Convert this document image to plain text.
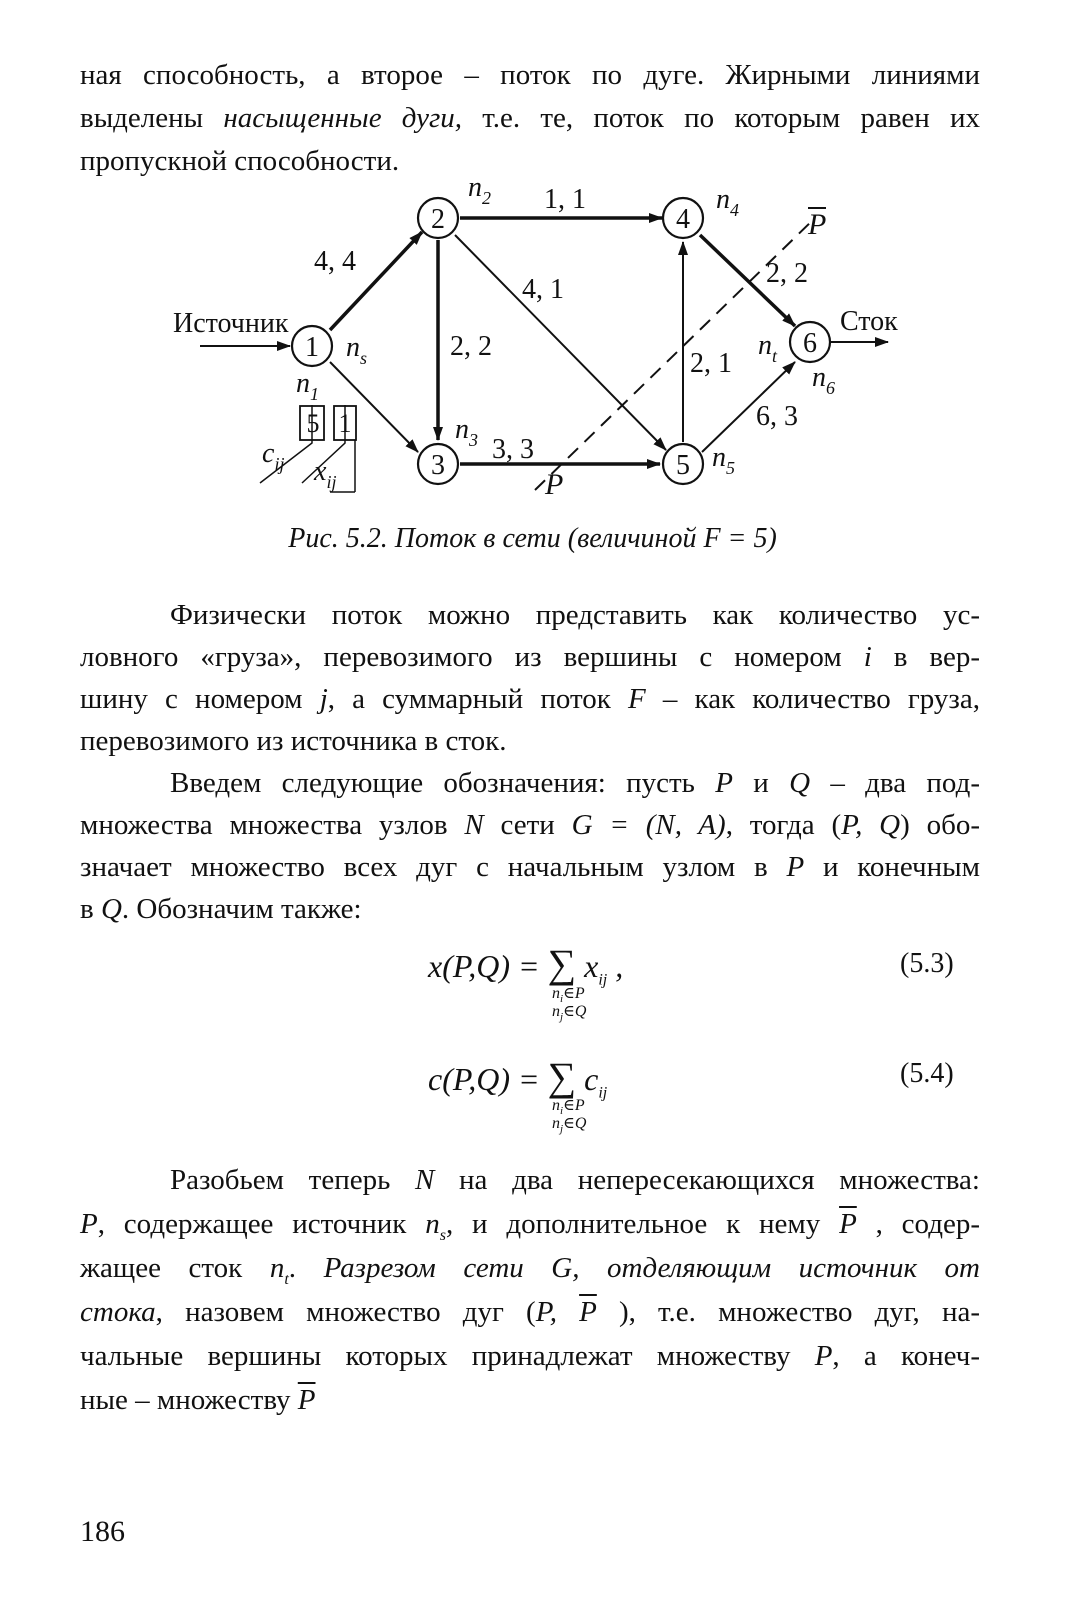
ная способность, а второе – поток по дуге. Жирными линиями
выделены насыщенные дуги, т.е. те, поток по которым равен их
пропускной способности.
1
2
3
4
5
6
5 1
Источник	Сток
4, 4
1, 1
2, 2
4, 1
3, 3
2, 1
2, 2
6, 3
$n_s$
$n_1$
$n_2$
$n_3$
$n_4$
$n_5$
$n_6$
$n_t$
$c_{ij}$ $x_{ij}$	P
P
Рис. 5.2. Поток в сети (величиной F = 5)
Физически поток можно представить как количество ус-
ловного «груза», перевозимого из вершины с номером i в вер-
шину с номером j, а суммарный поток F – как количество груза,
перевозимого из источника в сток.
Введем следующие обозначения: пусть P и Q – два под-
множества множества узлов N сети G = (N, A), тогда (P, Q) обо-
значает множество всех дуг с начальным узлом в P и конечным
в Q. Обозначим также:
x(P,Q) = ∑ $x_{ij}$ ,
$n_i\in P$
$n_j\in Q$
(5.3)
c(P,Q) = ∑ $c_{ij}$
$n_i\in P$
$n_j\in Q$
(5.4)
Разобьем теперь N на два непересекающихся множества:
P, содержащее источник $n_s$, и дополнительное к нему $\overline{P}$ , содер-
жащее сток $n_t$. Разрезом сети G, отделяющим источник от
стока, назовем множество дуг (P, $\overline{P}$ ), т.е. множество дуг, на-
чальные вершины которых принадлежат множеству P, а конеч-
ные – множеству $\overline{P}$
186
